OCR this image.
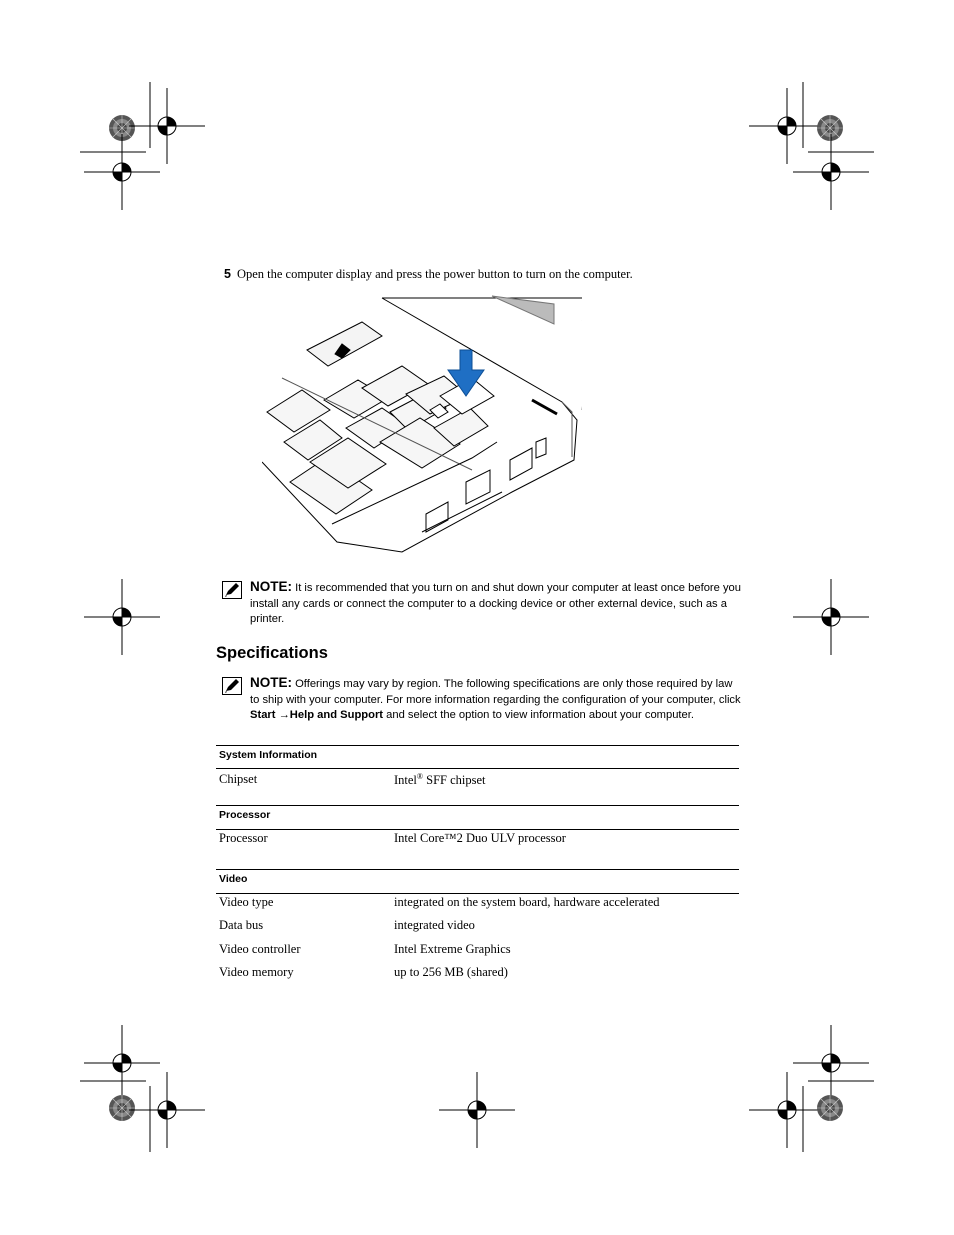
5 Open the computer display and press the power button to turn on the computer.
NOTE: It is recommended that you turn on and shut down your computer at least once before you install any cards or connect the computer to a docking device or other external device, such as a printer.
Specifications
NOTE: Offerings may vary by region. The following specifications are only those required by law to ship with your computer. For more information regarding the configuration of your computer, click Start →Help and Support and select the option to view information about your computer.
System Information
Chipset	Intel® SFF chipset
Processor
Processor	Intel Core™2 Duo ULV processor
Video
Video type	integrated on the system board, hardware accelerated
Data bus	integrated video
Video controller	Intel Extreme Graphics
Video memory	up to 256 MB (shared)
